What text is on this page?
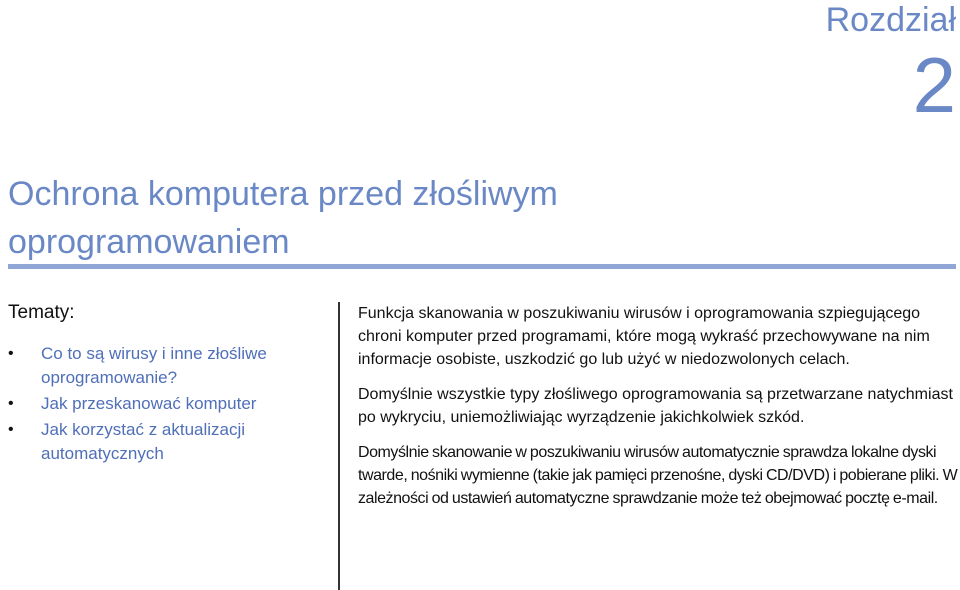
Rozdział
2
Ochrona komputera przed złośliwym oprogramowaniem
Tematy:
• Co to są wirusy i inne złośliwe oprogramowanie?
• Jak przeskanować komputer
• Jak korzystać z aktualizacji automatycznych

Funkcja skanowania w poszukiwaniu wirusów i oprogramowania szpiegującego chroni komputer przed programami, które mogą wykraść przechowywane na nim informacje osobiste, uszkodzić go lub użyć w niedozwolonych celach.

Domyślnie wszystkie typy złośliwego oprogramowania są przetwarzane natychmiast po wykryciu, uniemożliwiając wyrządzenie jakichkolwiek szkód.

Domyślnie skanowanie w poszukiwaniu wirusów automatycznie sprawdza lokalne dyski twarde, nośniki wymienne (takie jak pamięci przenośne, dyski CD/DVD) i pobierane pliki. W zależności od ustawień automatyczne sprawdzanie może też obejmować pocztę e-mail.
